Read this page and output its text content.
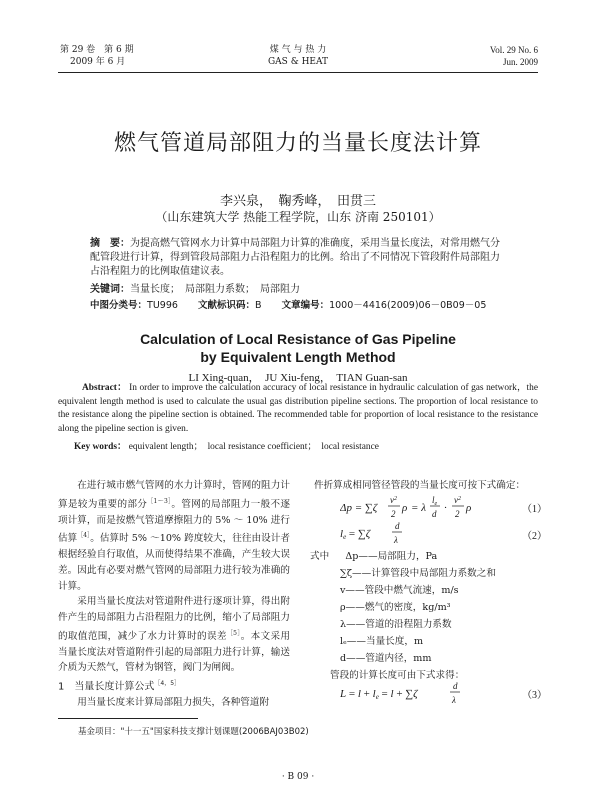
第 29 卷　第 6 期
2009 年 6 月
煤 气 与 热 力
GAS & HEAT
Vol. 29 No. 6
Jun. 2009
燃气管道局部阻力的当量长度法计算
李兴泉，　鞠秀峰，　田贯三
（山东建筑大学 热能工程学院，山东 济南 250101）
摘　要：为提高燃气管网水力计算中局部阻力计算的准确度，采用当量长度法，对常用燃气分配管段进行计算，得到管段局部阻力占沿程阻力的比例。给出了不同情况下管段附件局部阻力占沿程阻力的比例取值建议表。
关键词：当量长度；　局部阻力系数；　局部阻力
中图分类号：TU996 文献标识码：B 文章编号：1000－4416(2009)06－0B09－05
Calculation of Local Resistance of Gas Pipeline
by Equivalent Length Method
LI Xing-quan，　JU Xiu-feng，　TIAN Guan-san
Abstract： In order to improve the calculation accuracy of local resistance in hydraulic calculation of gas network，the equivalent length method is used to calculate the usual gas distribution pipeline sections. The proportion of local resistance to the resistance along the pipeline section is obtained. The recommended table for proportion of local resistance to the resistance along the pipeline section is given.
Key words： equivalent length；　local resistance coefficient；　local resistance

在进行城市燃气管网的水力计算时，管网的阻力计算是较为重要的部分$^{[1\sim 3]}$。管网的局部阻力一般不逐项计算，而是按燃气管道摩擦阻力的 5% ～ 10% 进行估算$^{[4]}$。估算时 5% ～10% 跨度较大，往往由设计者根据经验自行取值，从而使得结果不准确，产生较大误差。因此有必要对燃气管网的局部阻力进行较为准确的计算。

采用当量长度法对管道附件进行逐项计算，得出附件产生的局部阻力占沿程阻力的比例，缩小了局部阻力的取值范围，减少了水力计算时的误差$^{[5]}$。本文采用当量长度法对管道附件引起的局部阻力进行计算，输送介质为天然气，管材为钢管，阀门为闸阀。

1　当量长度计算公式$^{[4,5]}$

用当量长度来计算局部阻力损失，各种管道附

件折算成相同管径管段的当量长度可按下式确定：
Δp = ∑ζ
$v^2$
2 ρ = λ
$l_e$
d ·
$v^2$
2 ρ	（1）
le = ∑ζ
d
λ	（2）
式中 Δp——局部阻力，Pa
∑ζ——计算管段中局部阻力系数之和
v——管段中燃气流速，m/s
ρ——燃气的密度，kg/m³
λ——管道的沿程阻力系数
lₑ——当量长度，m
d——管道内径，mm
管段的计算长度可由下式求得：
L = l + le = l + ∑ζ
d
λ	（3）
基金项目："十一五"国家科技支撑计划课题(2006BAJ03B02)
· B 09 ·
